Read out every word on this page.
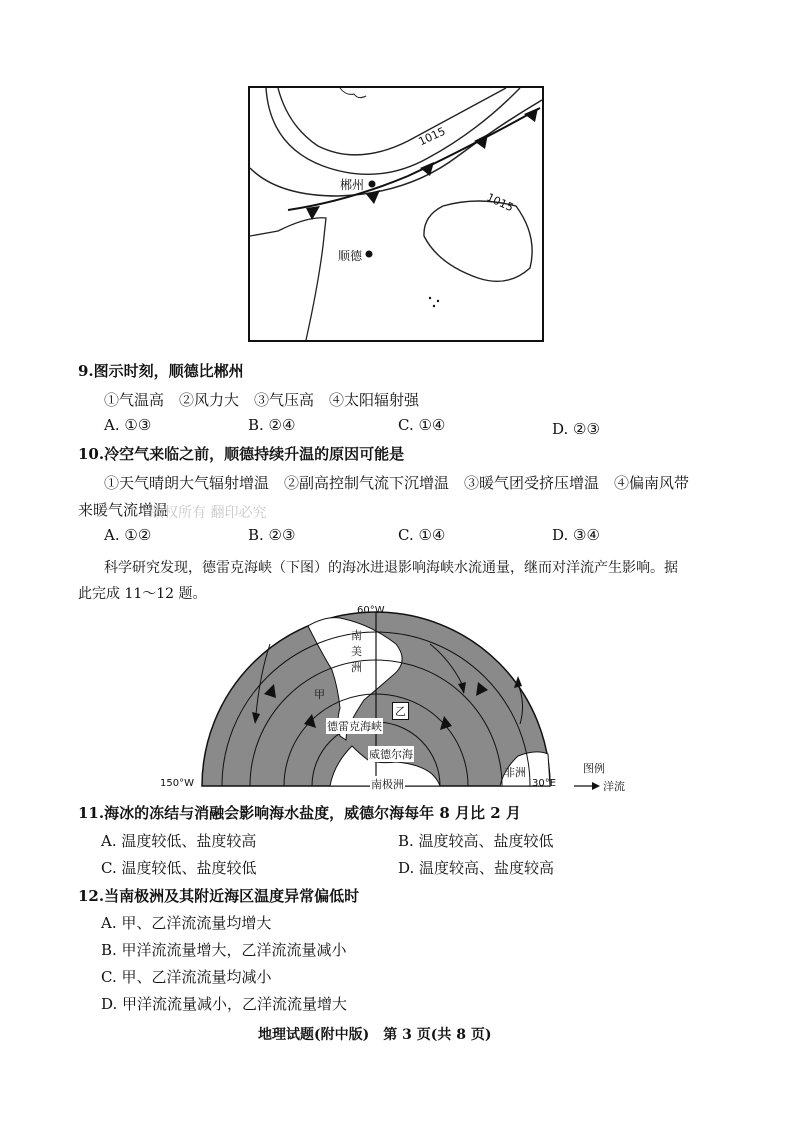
1015
1015
郴州
顺德
9.图示时刻，顺德比郴州
①气温高　②风力大　③气压高　④太阳辐射强
A. ①③	B. ②④	C. ①④	D. ②③
10.冷空气来临之前，顺德持续升温的原因可能是
①天气晴朗大气辐射增温　②副高控制气流下沉增温　③暖气团受挤压增温　④偏南风带
来暖气流增温
版权所有 翻印必究
A. ①②	B. ②③	C. ①④	D. ③④
科学研究发现，德雷克海峡（下图）的海冰进退影响海峡水流通量，继而对洋流产生影响。据
此完成 11～12 题。
60°W
150°W	30°E
南美洲
甲
乙
德雷克海峡
威德尔海
南极洲
非洲	图例
洋流
11.海冰的冻结与消融会影响海水盐度，威德尔海每年 8 月比 2 月
A. 温度较低、盐度较高	B. 温度较高、盐度较低
C. 温度较低、盐度较低	D. 温度较高、盐度较高
12.当南极洲及其附近海区温度异常偏低时
A. 甲、乙洋流流量均增大
B. 甲洋流流量增大，乙洋流流量减小
C. 甲、乙洋流流量均减小
D. 甲洋流流量减小，乙洋流流量增大
地理试题(附中版)　第 3 页(共 8 页)
